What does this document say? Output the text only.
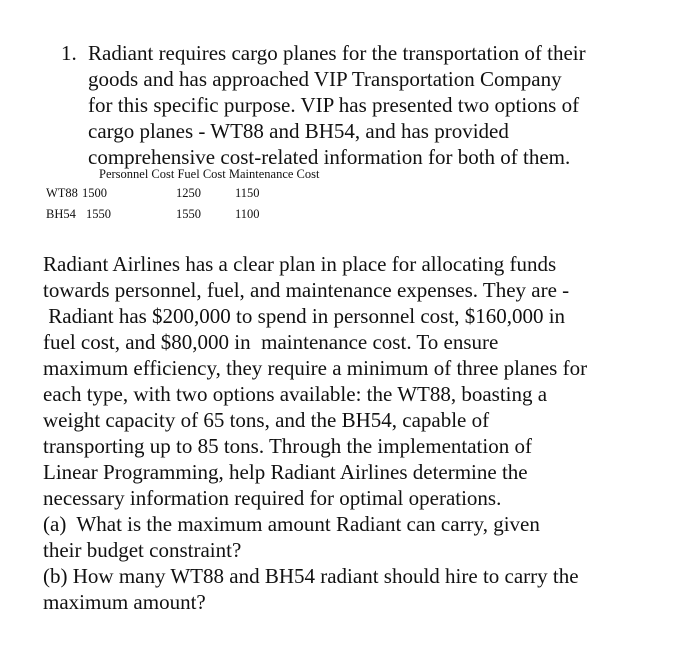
1. Radiant requires cargo planes for the transportation of their
goods and has approached VIP Transportation Company
for this specific purpose. VIP has presented two options of
cargo planes - WT88 and BH54, and has provided
comprehensive cost-related information for both of them.
Personnel Cost Fuel Cost Maintenance Cost
WT88 1500	1250	1150
BH54 1550	1550	1100
Radiant Airlines has a clear plan in place for allocating funds
towards personnel, fuel, and maintenance expenses. They are -
Radiant has $200,000 to spend in personnel cost, $160,000 in
fuel cost, and $80,000 in  maintenance cost. To ensure
maximum efficiency, they require a minimum of three planes for
each type, with two options available: the WT88, boasting a
weight capacity of 65 tons, and the BH54, capable of
transporting up to 85 tons. Through the implementation of
Linear Programming, help Radiant Airlines determine the
necessary information required for optimal operations.
(a)  What is the maximum amount Radiant can carry, given
their budget constraint?
(b) How many WT88 and BH54 radiant should hire to carry the
maximum amount?
